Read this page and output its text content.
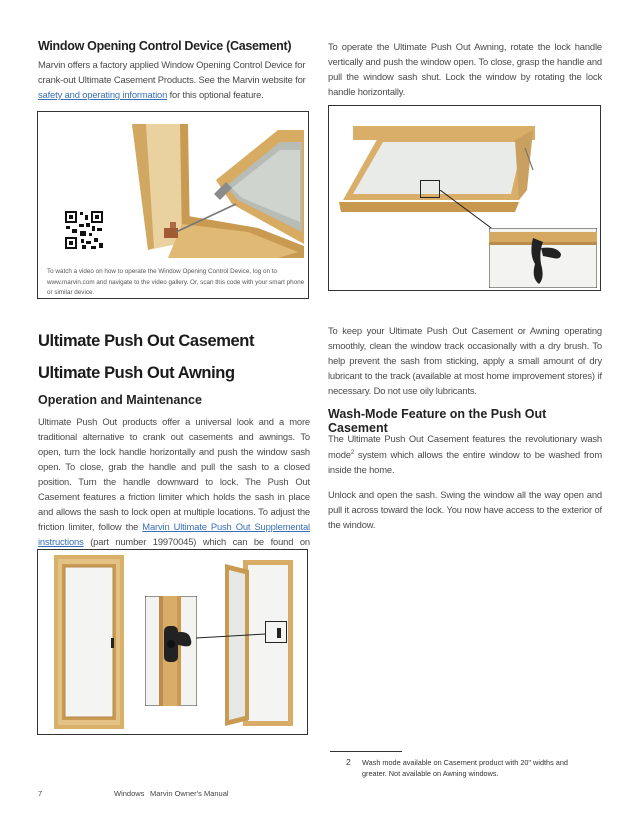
Window Opening Control Device (Casement)
Marvin offers a factory applied Window Opening Control Device for crank-out Ultimate Casement Products. See the Marvin website for safety and operating information for this optional feature.
To watch a video on how to operate the Window Opening Control Device, log on to www.marvin.com and navigate to the video gallery. Or, scan this code with your smart phone or similar device.
Ultimate Push Out Casement
Ultimate Push Out Awning
Operation and Maintenance
Ultimate Push Out products offer a universal look and a more traditional alternative to crank out casements and awnings. To open, turn the lock handle horizontally and push the window sash open. To close, grab the handle and pull the sash to a closed position. Turn the handle downward to lock. The Push Out Casement features a friction limiter which holds the sash in place and allows the sash to lock open at multiple locations. To adjust the friction limiter, follow the Marvin Ultimate Push Out Supplemental instructions (part number 19970045) which can be found on
To operate the Ultimate Push Out Awning, rotate the lock handle vertically and push the window open. To close, grasp the handle and pull the window sash shut. Lock the window by rotating the lock handle horizontally.
To keep your Ultimate Push Out Casement or Awning operating smoothly, clean the window track occasionally with a dry brush. To help prevent the sash from sticking, apply a small amount of dry lubricant to the track (available at most home improvement stores) if necessary. Do not use oily lubricants.
Wash-Mode Feature on the Push Out Casement
The Ultimate Push Out Casement features the revolutionary wash mode$^2$ system which allows the entire window to be washed from inside the home.
Unlock and open the sash. Swing the window all the way open and pull it across toward the lock. You now have access to the exterior of the window.
2	Wash mode available on Casement product with 20" widths and
greater. Not available on Awning windows.
7	Windows Marvin Owner's Manual
